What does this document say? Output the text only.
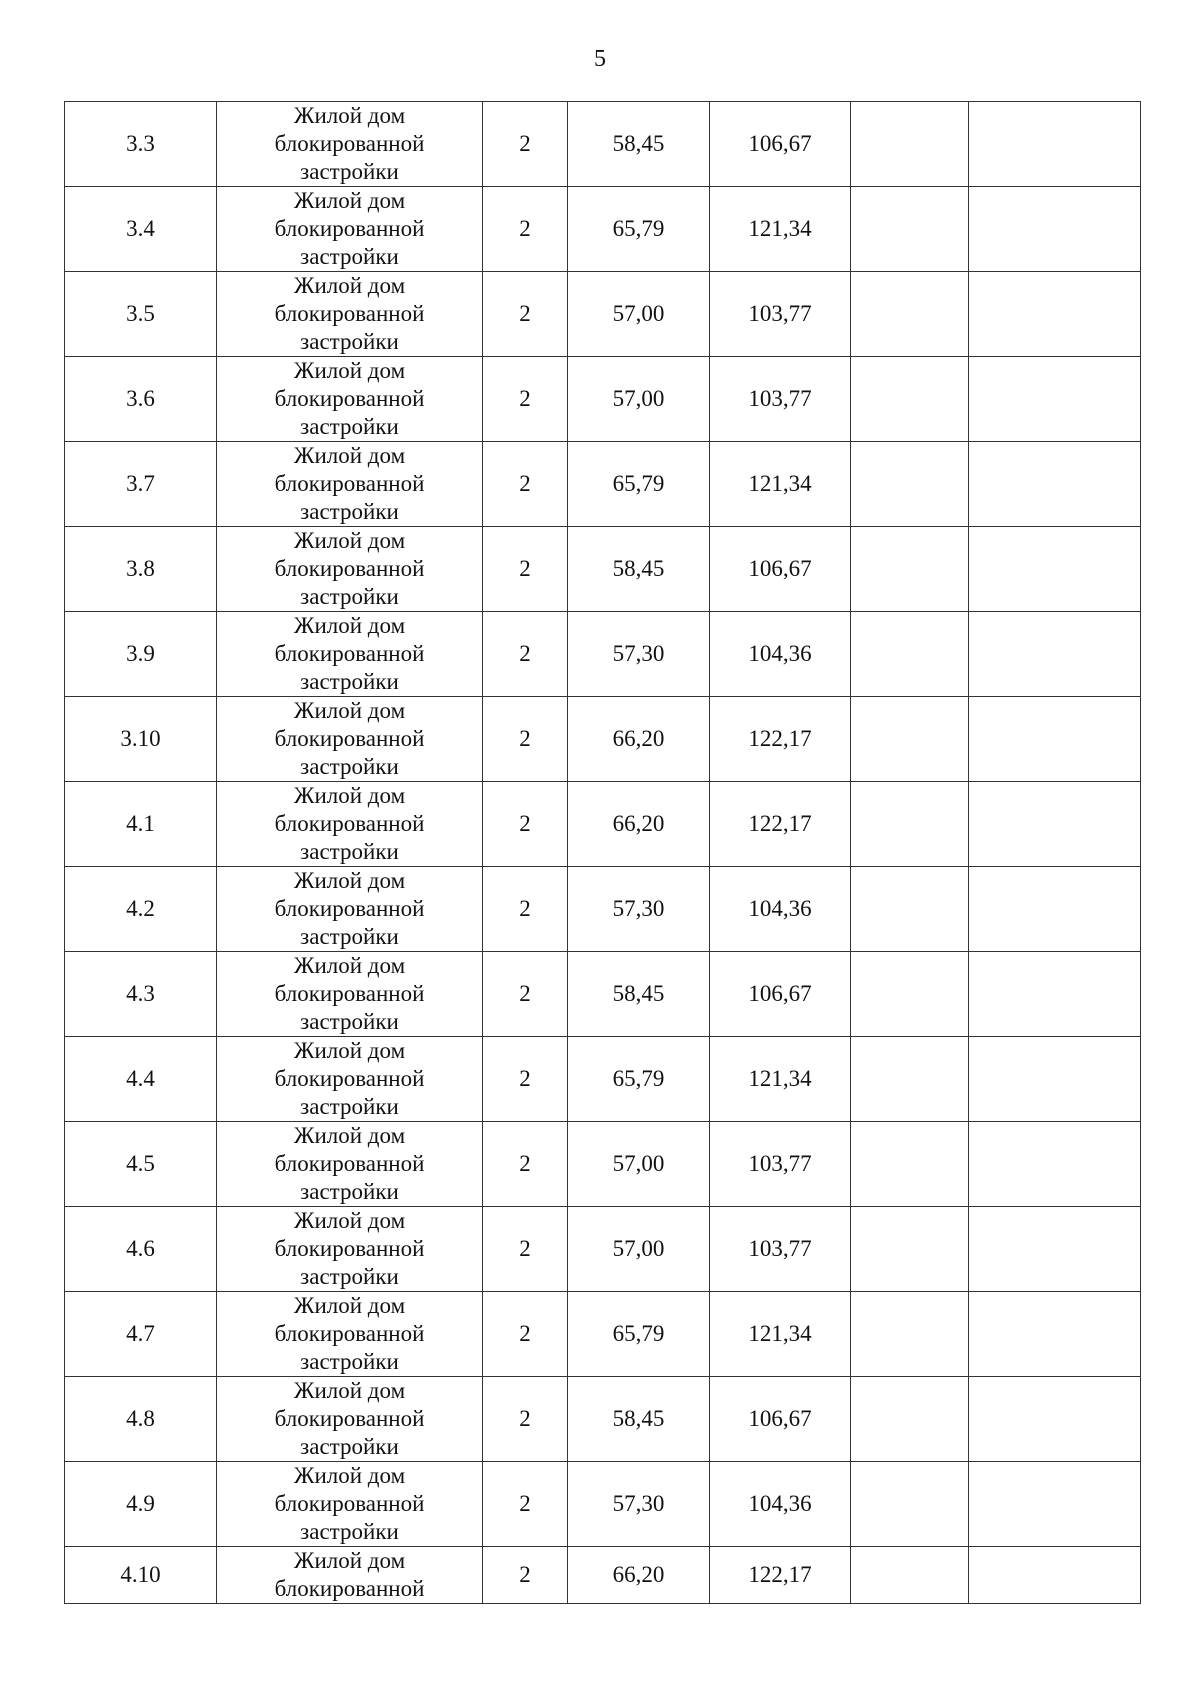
5
3.3	Жилой дом
блокированной
застройки	2	58,45	106,67		
3.4	Жилой дом
блокированной
застройки	2	65,79	121,34		
3.5	Жилой дом
блокированной
застройки	2	57,00	103,77		
3.6	Жилой дом
блокированной
застройки	2	57,00	103,77		
3.7	Жилой дом
блокированной
застройки	2	65,79	121,34		
3.8	Жилой дом
блокированной
застройки	2	58,45	106,67		
3.9	Жилой дом
блокированной
застройки	2	57,30	104,36		
3.10	Жилой дом
блокированной
застройки	2	66,20	122,17		
4.1	Жилой дом
блокированной
застройки	2	66,20	122,17		
4.2	Жилой дом
блокированной
застройки	2	57,30	104,36		
4.3	Жилой дом
блокированной
застройки	2	58,45	106,67		
4.4	Жилой дом
блокированной
застройки	2	65,79	121,34		
4.5	Жилой дом
блокированной
застройки	2	57,00	103,77		
4.6	Жилой дом
блокированной
застройки	2	57,00	103,77		
4.7	Жилой дом
блокированной
застройки	2	65,79	121,34		
4.8	Жилой дом
блокированной
застройки	2	58,45	106,67		
4.9	Жилой дом
блокированной
застройки	2	57,30	104,36		
4.10	Жилой дом
блокированной	2	66,20	122,17		
